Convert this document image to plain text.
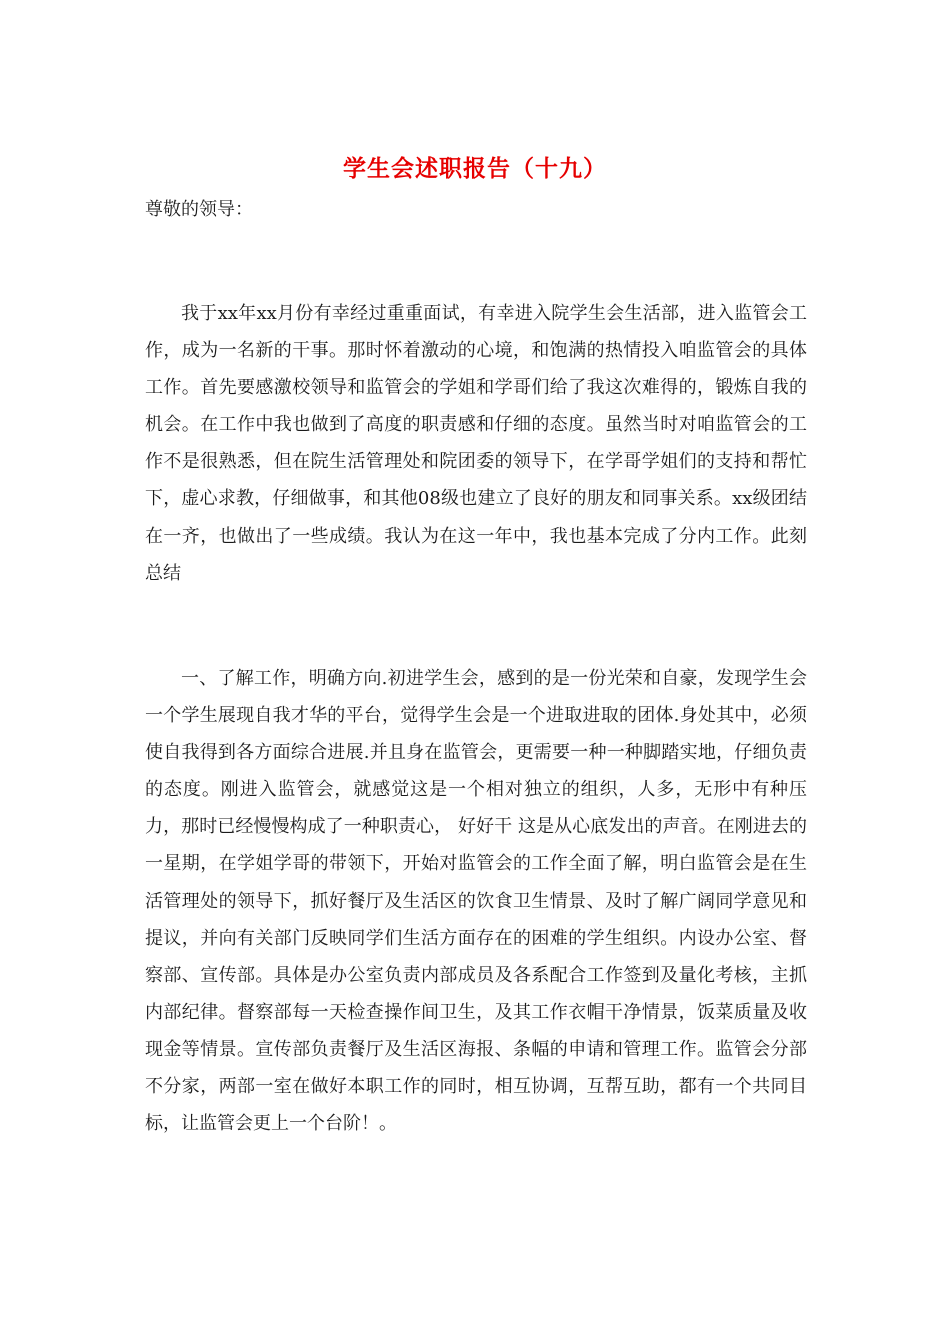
学生会述职报告（十九）
尊敬的领导：

我于xx年xx月份有幸经过重重面试，有幸进入院学生会生活部，进入监管会工作，成为一名新的干事。那时怀着激动的心境，和饱满的热情投入咱监管会的具体工作。首先要感激校领导和监管会的学姐和学哥们给了我这次难得的，锻炼自我的机会。在工作中我也做到了高度的职责感和仔细的态度。虽然当时对咱监管会的工作不是很熟悉，但在院生活管理处和院团委的领导下，在学哥学姐们的支持和帮忙下，虚心求教，仔细做事，和其他08级也建立了良好的朋友和同事关系。xx级团结在一齐，也做出了一些成绩。我认为在这一年中，我也基本完成了分内工作。此刻总结

一、了解工作，明确方向.初进学生会，感到的是一份光荣和自豪，发现学生会一个学生展现自我才华的平台，觉得学生会是一个进取进取的团体.身处其中，必须使自我得到各方面综合进展.并且身在监管会，更需要一种一种脚踏实地，仔细负责的态度。刚进入监管会，就感觉这是一个相对独立的组织，人多，无形中有种压力，那时已经慢慢构成了一种职责心， 好好干 这是从心底发出的声音。在刚进去的一星期，在学姐学哥的带领下，开始对监管会的工作全面了解，明白监管会是在生活管理处的领导下，抓好餐厅及生活区的饮食卫生情景、及时了解广阔同学意见和提议，并向有关部门反映同学们生活方面存在的困难的学生组织。内设办公室、督察部、宣传部。具体是办公室负责内部成员及各系配合工作签到及量化考核，主抓内部纪律。督察部每一天检查操作间卫生，及其工作衣帽干净情景，饭菜质量及收现金等情景。宣传部负责餐厅及生活区海报、条幅的申请和管理工作。监管会分部不分家，两部一室在做好本职工作的同时，相互协调，互帮互助，都有一个共同目标，让监管会更上一个台阶！。
